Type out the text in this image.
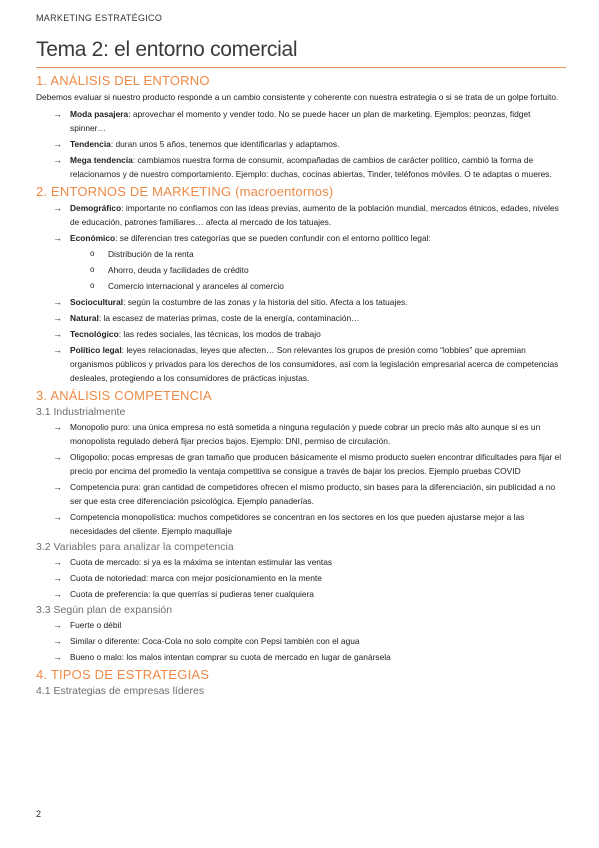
MARKETING ESTRATÉGICO
Tema 2: el entorno comercial
1. ANÁLISIS DEL ENTORNO

Debemos evaluar si nuestro producto responde a un cambio consistente y coherente con nuestra estrategia o si se trata de un golpe fortuito.

→ Moda pasajera: aprovechar el momento y vender todo. No se puede hacer un plan de marketing. Ejemplos: peonzas, fidget spinner…
→ Tendencia: duran unos 5 años, tenemos que identificarlas y adaptamos.
→ Mega tendencia: cambiamos nuestra forma de consumir, acompañadas de cambios de carácter político, cambió la forma de relacionarnos y de nuestro comportamiento. Ejemplo: duchas, cocinas abiertas, Tinder, teléfonos móviles. O te adaptas o mueres.
2. ENTORNOS DE MARKETING (macroentornos)
→ Demográfico: importante no confiamos con las ideas previas, aumento de la población mundial, mercados étnicos, edades, niveles de educación, patrones familiares… afecta al mercado de los tatuajes.
→ Económico: se diferencian tres categorías que se pueden confundir con el entorno político legal:
o Distribución de la renta
o Ahorro, deuda y facilidades de crédito
o Comercio internacional y aranceles al comercio
→ Sociocultural: según la costumbre de las zonas y la historia del sitio. Afecta a los tatuajes.
→ Natural: la escasez de materias primas, coste de la energía, contaminación…
→ Tecnológico: las redes sociales, las técnicas, los modos de trabajo
→ Político legal: leyes relacionadas, leyes que afecten… Son relevantes los grupos de presión como “lobbies” que apremian organismos públicos y privados para los derechos de los consumidores, así com la legislación empresarial acerca de competencias desleales, protegiendo a los consumidores de prácticas injustas.
3. ANÁLISIS COMPETENCIA
3.1 Industrialmente
→ Monopolio puro: una única empresa no está sometida a ninguna regulación y puede cobrar un precio más alto aunque si es un monopolista regulado deberá fijar precios bajos. Ejemplo: DNI, permiso de circulación.
→ Oligopolio: pocas empresas de gran tamaño que producen básicamente el mismo producto suelen encontrar dificultades para fijar el precio por encima del promedio la ventaja competitiva se consigue a través de bajar los precios. Ejemplo pruebas COVID
→ Competencia pura: gran cantidad de competidores ofrecen el mismo producto, sin bases para la diferenciación, sin publicidad a no ser que esta cree diferenciación psicológica. Ejemplo panaderías.
→ Competencia monopolística: muchos competidores se concentran en los sectores en los que pueden ajustarse mejor a las necesidades del cliente. Ejemplo maquillaje
3.2 Variables para analizar la competencia
→ Cuota de mercado: si ya es la máxima se intentan estimular las ventas
→ Cuota de notoriedad: marca con mejor posicionamiento en la mente
→ Cuota de preferencia: la que querrías si pudieras tener cualquiera
3.3 Según plan de expansión
→ Fuerte o débil
→ Similar o diferente: Coca-Cola no solo compite con Pepsi también con el agua
→ Bueno o malo: los malos intentan comprar su cuota de mercado en lugar de ganársela
4. TIPOS DE ESTRATEGIAS
4.1 Estrategias de empresas líderes
2
